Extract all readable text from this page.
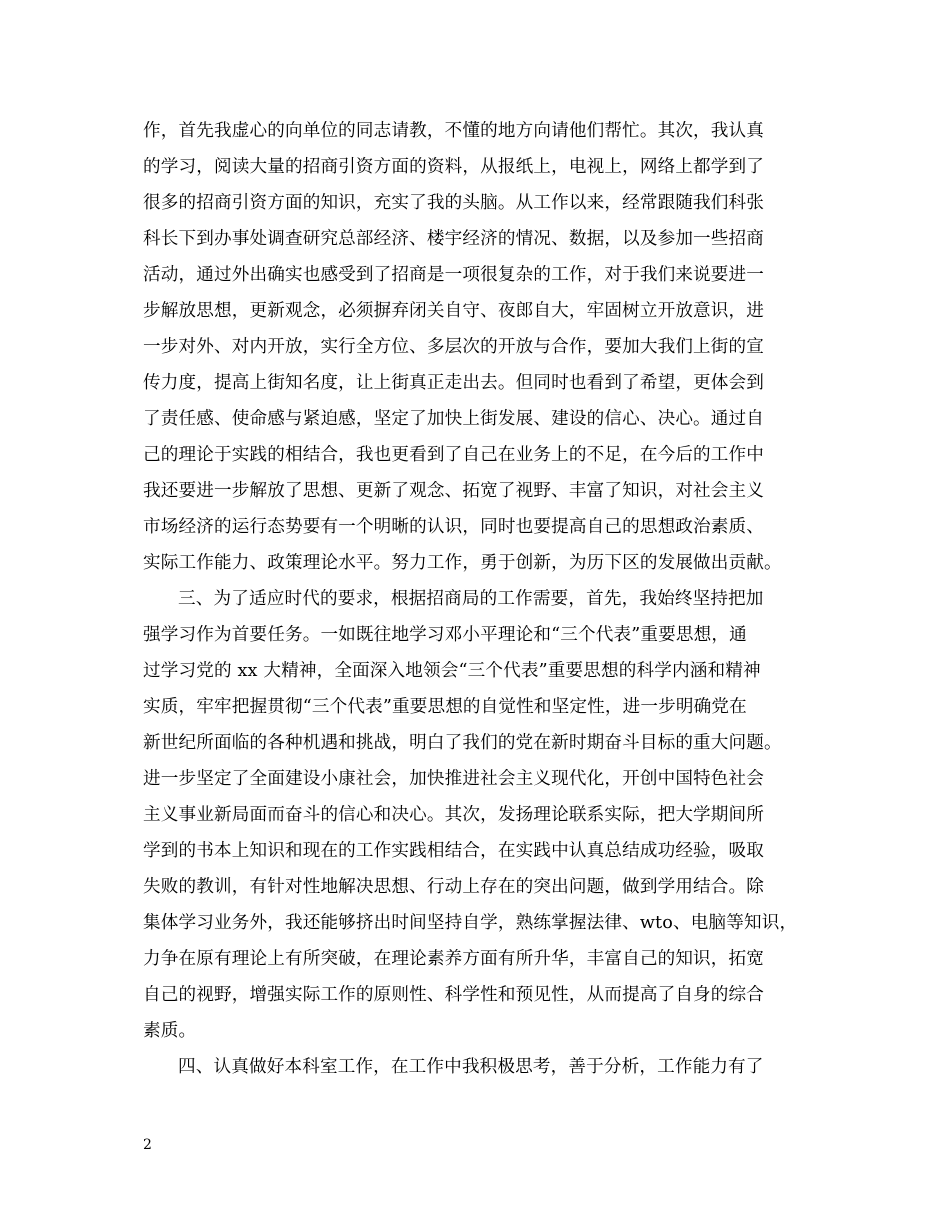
作，首先我虚心的向单位的同志请教，不懂的地方向请他们帮忙。其次，我认真
的学习，阅读大量的招商引资方面的资料，从报纸上，电视上，网络上都学到了
很多的招商引资方面的知识，充实了我的头脑。从工作以来，经常跟随我们科张
科长下到办事处调查研究总部经济、楼宇经济的情况、数据，以及参加一些招商
活动，通过外出确实也感受到了招商是一项很复杂的工作，对于我们来说要进一
步解放思想，更新观念，必须摒弃闭关自守、夜郎自大，牢固树立开放意识，进
一步对外、对内开放，实行全方位、多层次的开放与合作，要加大我们上街的宣
传力度，提高上街知名度，让上街真正走出去。但同时也看到了希望，更体会到
了责任感、使命感与紧迫感，坚定了加快上街发展、建设的信心、决心。通过自
己的理论于实践的相结合，我也更看到了自己在业务上的不足，在今后的工作中
我还要进一步解放了思想、更新了观念、拓宽了视野、丰富了知识，对社会主义
市场经济的运行态势要有一个明晰的认识，同时也要提高自己的思想政治素质、
实际工作能力、政策理论水平。努力工作，勇于创新，为历下区的发展做出贡献。
三、为了适应时代的要求，根据招商局的工作需要，首先，我始终坚持把加
强学习作为首要任务。一如既往地学习邓小平理论和“三个代表”重要思想，通
过学习党的 xx 大精神，全面深入地领会“三个代表”重要思想的科学内涵和精神
实质，牢牢把握贯彻“三个代表”重要思想的自觉性和坚定性，进一步明确党在
新世纪所面临的各种机遇和挑战，明白了我们的党在新时期奋斗目标的重大问题。
进一步坚定了全面建设小康社会，加快推进社会主义现代化，开创中国特色社会
主义事业新局面而奋斗的信心和决心。其次，发扬理论联系实际，把大学期间所
学到的书本上知识和现在的工作实践相结合，在实践中认真总结成功经验，吸取
失败的教训，有针对性地解决思想、行动上存在的突出问题，做到学用结合。除
集体学习业务外，我还能够挤出时间坚持自学，熟练掌握法律、wto、电脑等知识，
力争在原有理论上有所突破，在理论素养方面有所升华，丰富自己的知识，拓宽
自己的视野，增强实际工作的原则性、科学性和预见性，从而提高了自身的综合
素质。
四、认真做好本科室工作，在工作中我积极思考，善于分析，工作能力有了
2
